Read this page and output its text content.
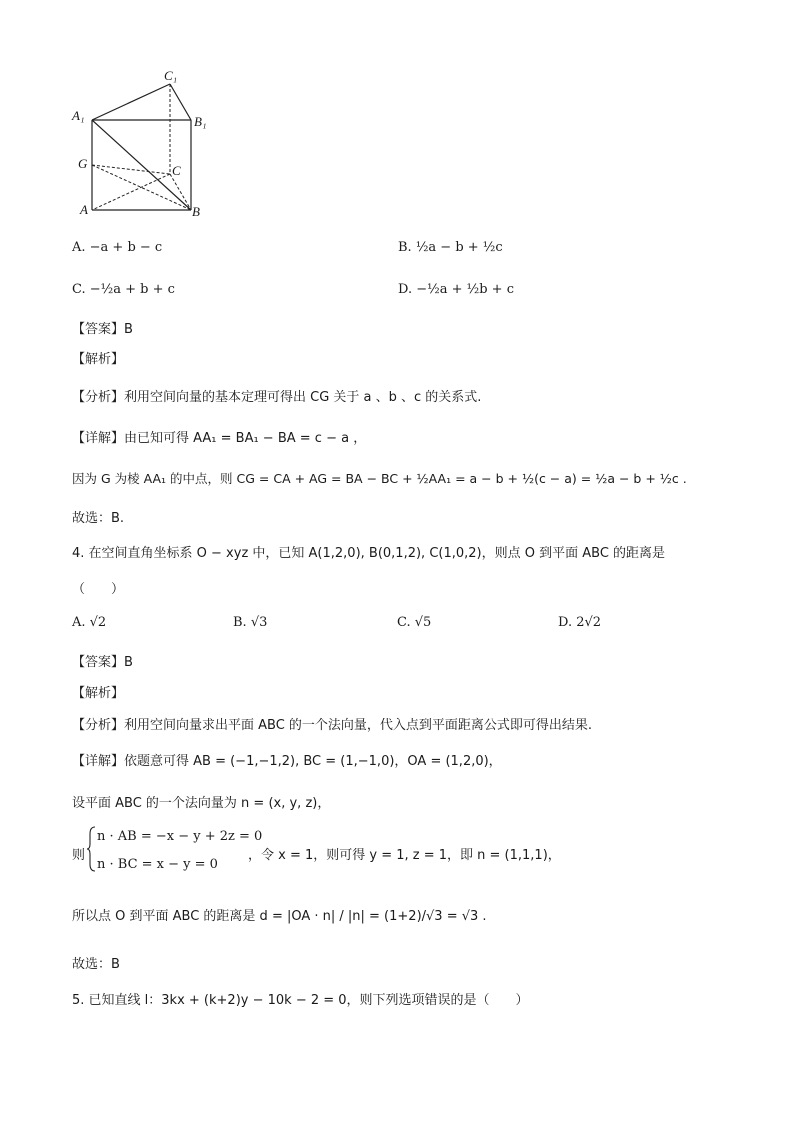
C₁
A₁	B₁
G	C
A	B
A. −a + b − c	B. ½a − b + ½c
C. −½a + b + c	D. −½a + ½b + c
【答案】B
【解析】
【分析】利用空间向量的基本定理可得出 CG 关于 a 、b 、c 的关系式.
【详解】由已知可得 AA₁ = BA₁ − BA = c − a ，
因为 G 为棱 AA₁ 的中点，则 CG = CA + AG = BA − BC + ½AA₁ = a − b + ½(c − a) = ½a − b + ½c .
故选：B.
4. 在空间直角坐标系 O − xyz 中，已知 A(1,2,0), B(0,1,2), C(1,0,2)，则点 O 到平面 ABC 的距离是
（　　）
A. √2	B. √3	C. √5	D. 2√2
【答案】B
【解析】
【分析】利用空间向量求出平面 ABC 的一个法向量，代入点到平面距离公式即可得出结果.
【详解】依题意可得 AB = (−1,−1,2), BC = (1,−1,0)，OA = (1,2,0)，
设平面 ABC 的一个法向量为 n = (x, y, z)，
则
n · AB = −x − y + 2z = 0
n · BC = x − y = 0
，令 x = 1，则可得 y = 1, z = 1，即 n = (1,1,1)，
所以点 O 到平面 ABC 的距离是 d = |OA · n| / |n| = (1+2)/√3 = √3 .
故选：B
5. 已知直线 l：3kx + (k+2)y − 10k − 2 = 0，则下列选项错误的是（　　）
